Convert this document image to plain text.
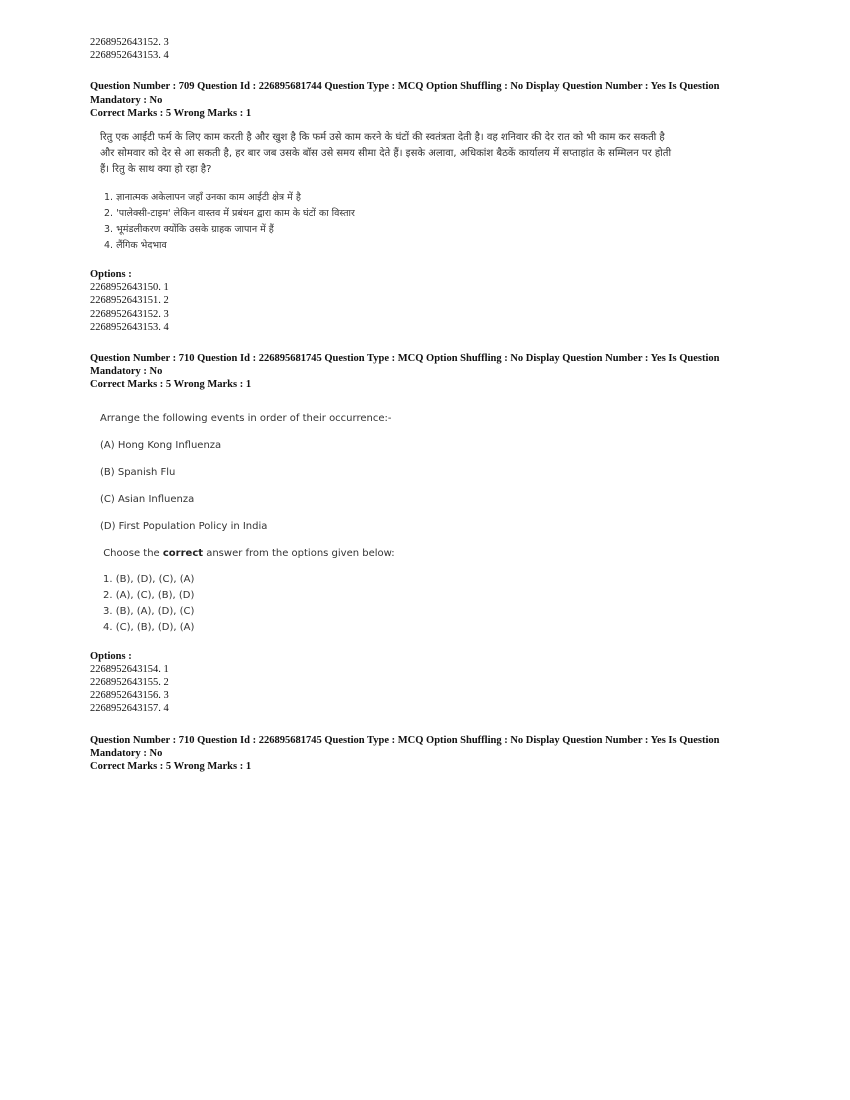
2268952643152. 3
2268952643153. 4
Question Number : 709 Question Id : 226895681744 Question Type : MCQ Option Shuffling : No Display Question Number : Yes Is Question Mandatory : No
Correct Marks : 5 Wrong Marks : 1
रितु एक आईटी फर्म के लिए काम करती है और खुश है कि फर्म उसे काम करने के घंटों की स्वतंत्रता देती है। वह शनिवार की देर रात को भी काम कर सकती है और सोमवार को देर से आ सकती है, हर बार जब उसके बॉस उसे समय सीमा देते हैं। इसके अलावा, अधिकांश बैठकें कार्यालय में सप्ताहांत के सम्मिलन पर होती हैं। रितु के साथ क्या हो रहा है?
1. ज्ञानात्मक अकेलापन जहाँ उनका काम आईटी क्षेत्र में है
2. 'पालेक्सी-टाइम' लेकिन वास्तव में प्रबंधन द्वारा काम के घंटों का विस्तार
3. भूमंडलीकरण क्योंकि उसके ग्राहक जापान में हैं
4. लैंगिक भेदभाव
Options :
2268952643150. 1
2268952643151. 2
2268952643152. 3
2268952643153. 4
Question Number : 710 Question Id : 226895681745 Question Type : MCQ Option Shuffling : No Display Question Number : Yes Is Question Mandatory : No
Correct Marks : 5 Wrong Marks : 1
Arrange the following events in order of their occurrence:-
(A) Hong Kong Influenza
(B) Spanish Flu
(C) Asian Influenza
(D) First Population Policy in India
Choose the correct answer from the options given below:
1. (B), (D), (C), (A)
2. (A), (C), (B), (D)
3. (B), (A), (D), (C)
4. (C), (B), (D), (A)
Options :
2268952643154. 1
2268952643155. 2
2268952643156. 3
2268952643157. 4
Question Number : 710 Question Id : 226895681745 Question Type : MCQ Option Shuffling : No Display Question Number : Yes Is Question Mandatory : No
Correct Marks : 5 Wrong Marks : 1
